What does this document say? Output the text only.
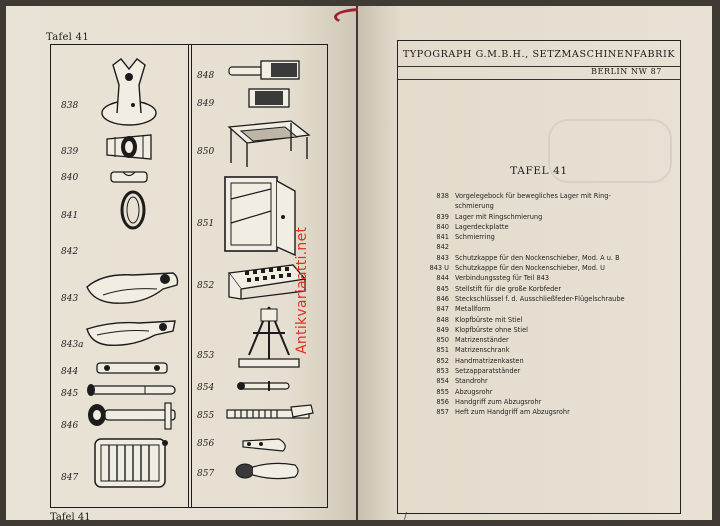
Tafel 41
838
839
840
841
842
843
843a
844
845
846
847
848
849
850
851
852
853
854
855
856
857
Tafel 41
TYPOGRAPH G.M.B.H., SETZMASCHINENFABRIK
BERLIN NW 87
TAFEL 41
838 Vorgelegebock für bewegliches Lager mit Ring-
schmierung
839 Lager mit Ringschmierung
840 Lagerdeckplatte
841 Schmierring
842
843 Schutzkappe für den Nockenschieber, Mod. A u. B
843 U Schutzkappe für den Nockenschieber, Mod. U
844 Verbindungssteg für Teil 843
845 Stellstift für die große Korbfeder
846 Steckschlüssel f. d. Ausschließfeder-Flügelschraube
847 Metallform
848 Klopfbürste mit Stiel
849 Klopfbürste ohne Stiel
850 Matrizenständer
851 Matrizenschrank
852 Handmatrizenkasten
853 Setzapparatständer
854 Standrohr
855 Abzugsrohr
856 Handgriff zum Abzugsrohr
857 Heft zum Handgriff am Abzugsrohr
Antikvariaatti.net
/
